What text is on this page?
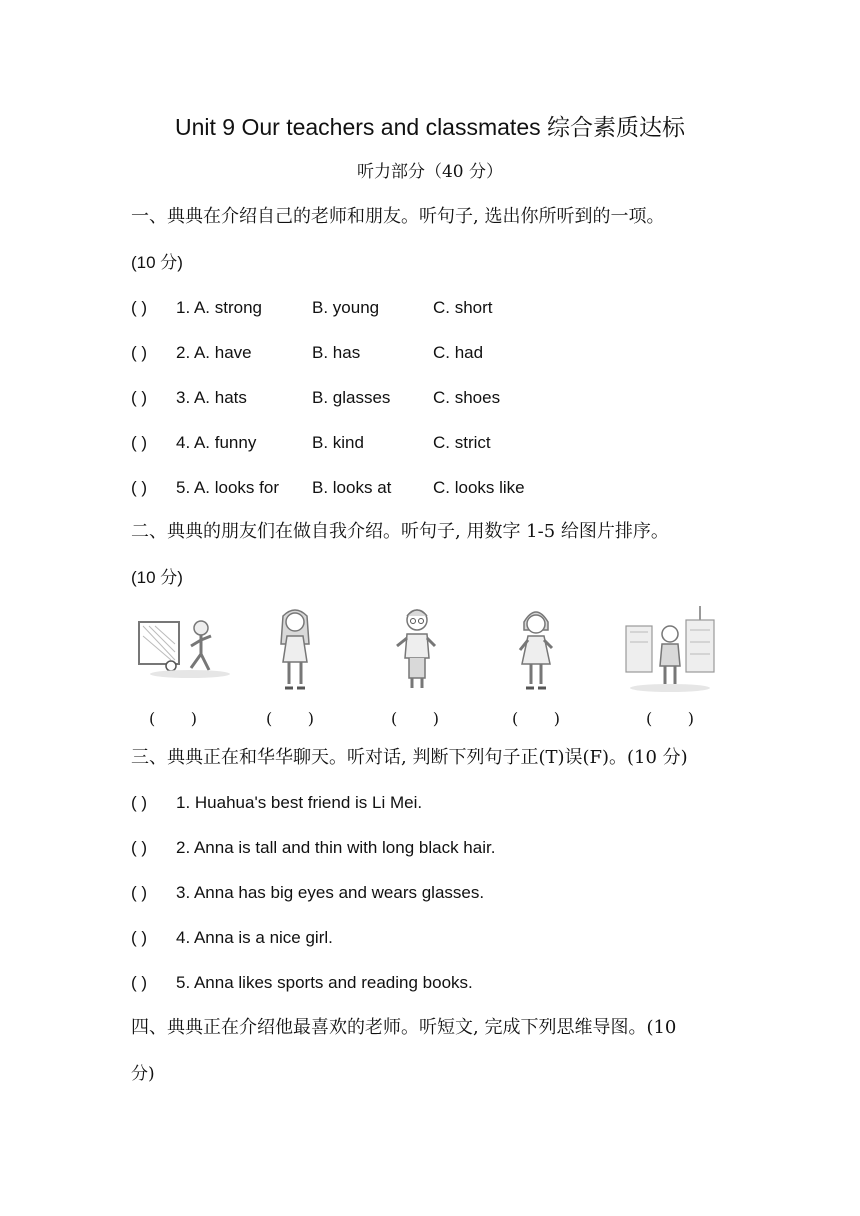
Unit 9 Our teachers and classmates 综合素质达标
听力部分（40 分）
一、典典在介绍自己的老师和朋友。听句子, 选出你所听到的一项。
(10 分)
( )	1. A. strong	B. young	C. short
( )	2. A. have	B. has	C. had
( )	3. A. hats	B. glasses	C. shoes
( )	4. A. funny	B. kind	C. strict
( )	5. A. looks for B. looks at C. looks like
二、典典的朋友们在做自我介绍。听句子, 用数字 1-5 给图片排序。
(10 分)
(       )	(       )	(       )	(       )	(       )
三、典典正在和华华聊天。听对话, 判断下列句子正(T)误(F)。(10 分)
( )	1. Huahua's best friend is Li Mei.
( )	2. Anna is tall and thin with long black hair.
( )	3. Anna has big eyes and wears glasses.
( )	4. Anna is a nice girl.
( )	5. Anna likes sports and reading books.
四、典典正在介绍他最喜欢的老师。听短文, 完成下列思维导图。(10
分)
